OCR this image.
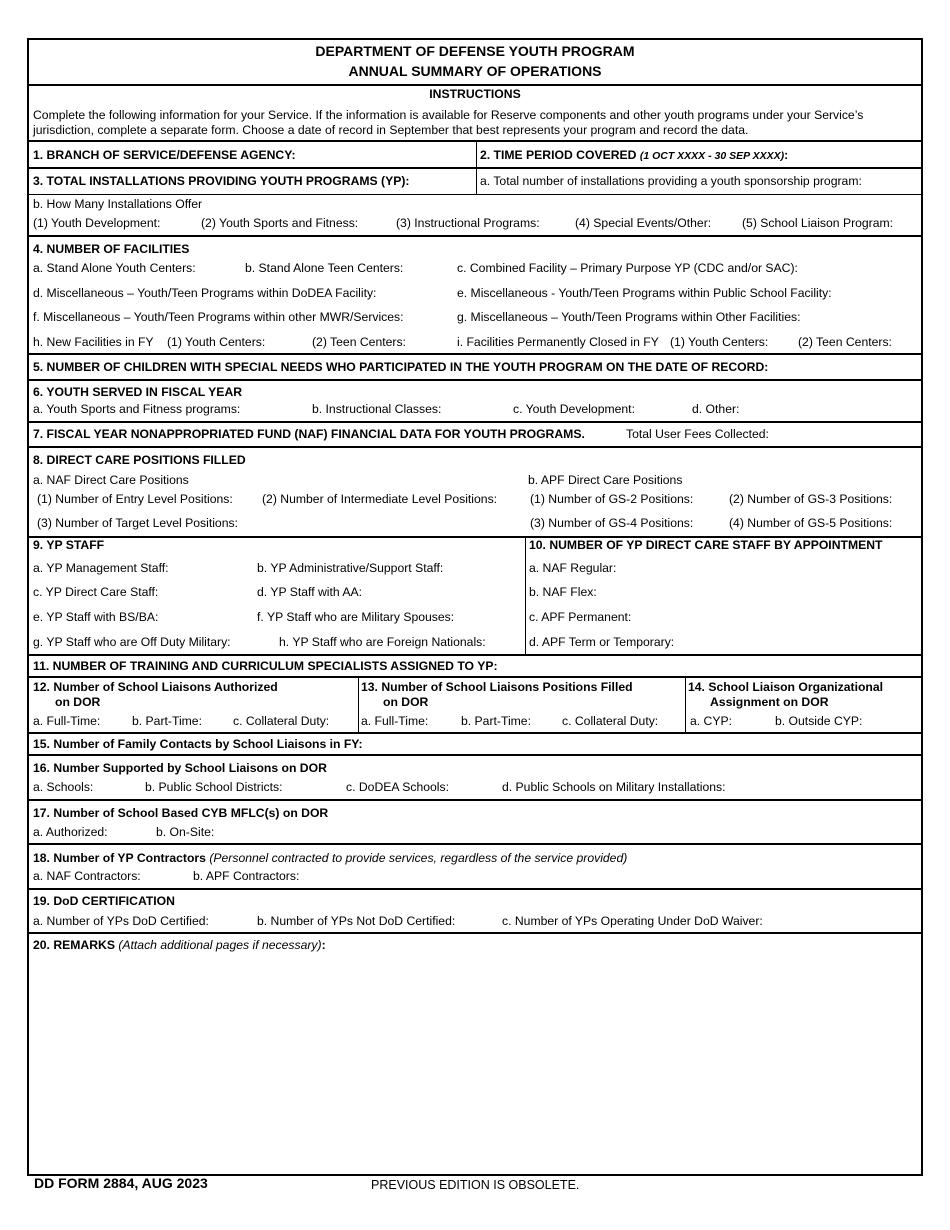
DEPARTMENT OF DEFENSE YOUTH PROGRAM
ANNUAL SUMMARY OF OPERATIONS
INSTRUCTIONS
Complete the following information for your Service. If the information is available for Reserve components and other youth programs under your Service’s
jurisdiction, complete a separate form. Choose a date of record in September that best represents your program and record the data.
1. BRANCH OF SERVICE/DEFENSE AGENCY:	2. TIME PERIOD COVERED (1 OCT XXXX - 30 SEP XXXX):
3. TOTAL INSTALLATIONS PROVIDING YOUTH PROGRAMS (YP):	a. Total number of installations providing a youth sponsorship program:
b. How Many Installations Offer
(1) Youth Development:	(2) Youth Sports and Fitness:	(3) Instructional Programs:	(4) Special Events/Other:	(5) School Liaison Program:
4. NUMBER OF FACILITIES
a. Stand Alone Youth Centers:	b. Stand Alone Teen Centers:	c. Combined Facility – Primary Purpose YP (CDC and/or SAC):
d. Miscellaneous – Youth/Teen Programs within DoDEA Facility:	e. Miscellaneous - Youth/Teen Programs within Public School Facility:
f. Miscellaneous – Youth/Teen Programs within other MWR/Services:	g. Miscellaneous – Youth/Teen Programs within Other Facilities:
h. New Facilities in FY (1) Youth Centers:	(2) Teen Centers:	i. Facilities Permanently Closed in FY (1) Youth Centers: (2) Teen Centers:
5. NUMBER OF CHILDREN WITH SPECIAL NEEDS WHO PARTICIPATED IN THE YOUTH PROGRAM ON THE DATE OF RECORD:
6. YOUTH SERVED IN FISCAL YEAR
a. Youth Sports and Fitness programs:	b. Instructional Classes:	c. Youth Development:	d. Other:
7. FISCAL YEAR NONAPPROPRIATED FUND (NAF) FINANCIAL DATA FOR YOUTH PROGRAMS.	Total User Fees Collected:
8. DIRECT CARE POSITIONS FILLED
a. NAF Direct Care Positions
(1) Number of Entry Level Positions: (2) Number of Intermediate Level Positions:
(3) Number of Target Level Positions:
b. APF Direct Care Positions
(1) Number of GS-2 Positions:	(2) Number of GS-3 Positions:
(3) Number of GS-4 Positions:	(4) Number of GS-5 Positions:
9. YP STAFF
a. YP Management Staff:	b. YP Administrative/Support Staff:
c. YP Direct Care Staff:	d. YP Staff with AA:
e. YP Staff with BS/BA:	f. YP Staff who are Military Spouses:
g. YP Staff who are Off Duty Military:	h. YP Staff who are Foreign Nationals:
10. NUMBER OF YP DIRECT CARE STAFF BY APPOINTMENT
a. NAF Regular:
b. NAF Flex:
c. APF Permanent:
d. APF Term or Temporary:
11. NUMBER OF TRAINING AND CURRICULUM SPECIALISTS ASSIGNED TO YP:
12. Number of School Liaisons Authorized
on DOR
a. Full-Time:	b. Part-Time:	c. Collateral Duty:
13. Number of School Liaisons Positions Filled
on DOR
a. Full-Time:	b. Part-Time:	c. Collateral Duty:
14. School Liaison Organizational
Assignment on DOR
a. CYP:	b. Outside CYP:
15. Number of Family Contacts by School Liaisons in FY:
16. Number Supported by School Liaisons on DOR
a. Schools:	b. Public School Districts:	c. DoDEA Schools:	d. Public Schools on Military Installations:
17. Number of School Based CYB MFLC(s) on DOR
a. Authorized:	b. On-Site:
18. Number of YP Contractors (Personnel contracted to provide services, regardless of the service provided)
a. NAF Contractors:	b. APF Contractors:
19. DoD CERTIFICATION
a. Number of YPs DoD Certified:	b. Number of YPs Not DoD Certified:	c. Number of YPs Operating Under DoD Waiver:
20. REMARKS (Attach additional pages if necessary):
DD FORM 2884, AUG 2023	PREVIOUS EDITION IS OBSOLETE.
